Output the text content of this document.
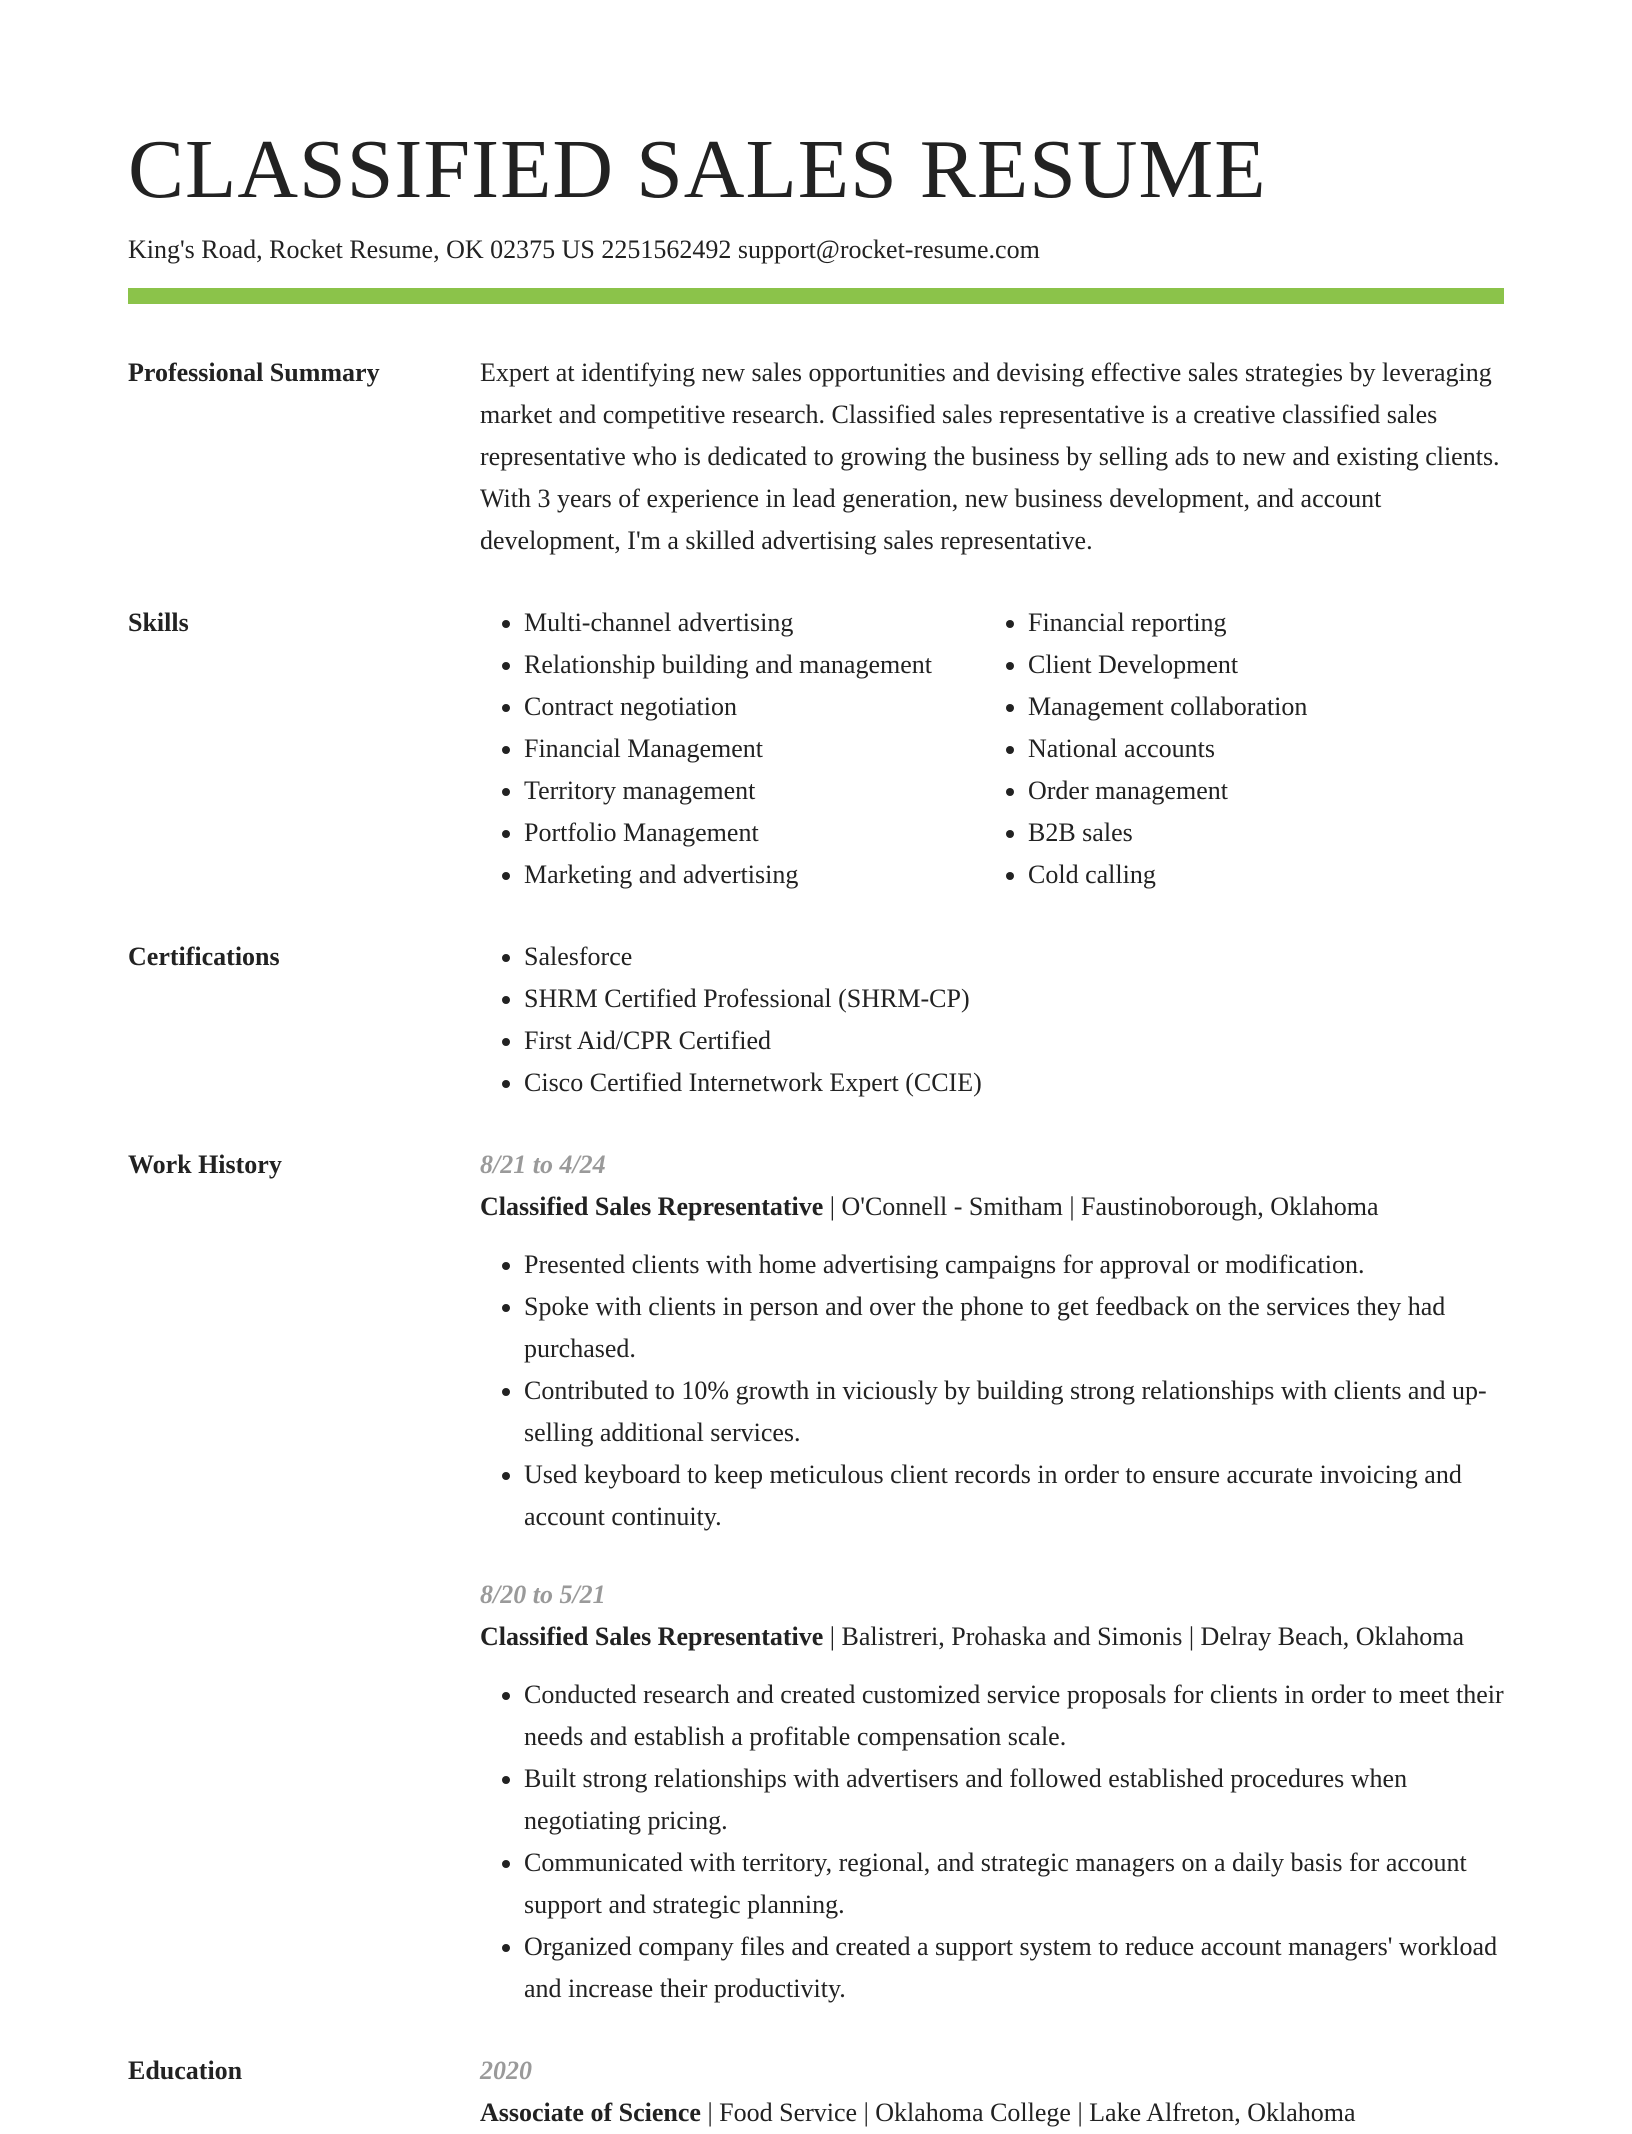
CLASSIFIED SALES RESUME
King's Road, Rocket Resume, OK 02375 US 2251562492 support@rocket-resume.com
Professional Summary	Expert at identifying new sales opportunities and devising effective sales strategies by leveraging market and competitive research. Classified sales representative is a creative classified sales representative who is dedicated to growing the business by selling ads to new and existing clients. With 3 years of experience in lead generation, new business development, and account development, I'm a skilled advertising sales representative.

Skills	• Multi-channel advertising
• Relationship building and management
• Contract negotiation
• Financial Management
• Territory management
• Portfolio Management
• Marketing and advertising
• Financial reporting
• Client Development
• Management collaboration
• National accounts
• Order management
• B2B sales
• Cold calling
Certifications	• Salesforce
• SHRM Certified Professional (SHRM-CP)
• First Aid/CPR Certified
• Cisco Certified Internetwork Expert (CCIE)
Work History	8/21 to 4/24
Classified Sales Representative | O'Connell - Smitham | Faustinoborough, Oklahoma
• Presented clients with home advertising campaigns for approval or modification.
• Spoke with clients in person and over the phone to get feedback on the services they had purchased.
• Contributed to 10% growth in viciously by building strong relationships with clients and up-selling additional services.
• Used keyboard to keep meticulous client records in order to ensure accurate invoicing and account continuity.
8/20 to 5/21
Classified Sales Representative | Balistreri, Prohaska and Simonis | Delray Beach, Oklahoma
• Conducted research and created customized service proposals for clients in order to meet their needs and establish a profitable compensation scale.
• Built strong relationships with advertisers and followed established procedures when negotiating pricing.
• Communicated with territory, regional, and strategic managers on a daily basis for account support and strategic planning.
• Organized company files and created a support system to reduce account managers' workload and increase their productivity.
Education	2020
Associate of Science | Food Service | Oklahoma College | Lake Alfreton, Oklahoma
